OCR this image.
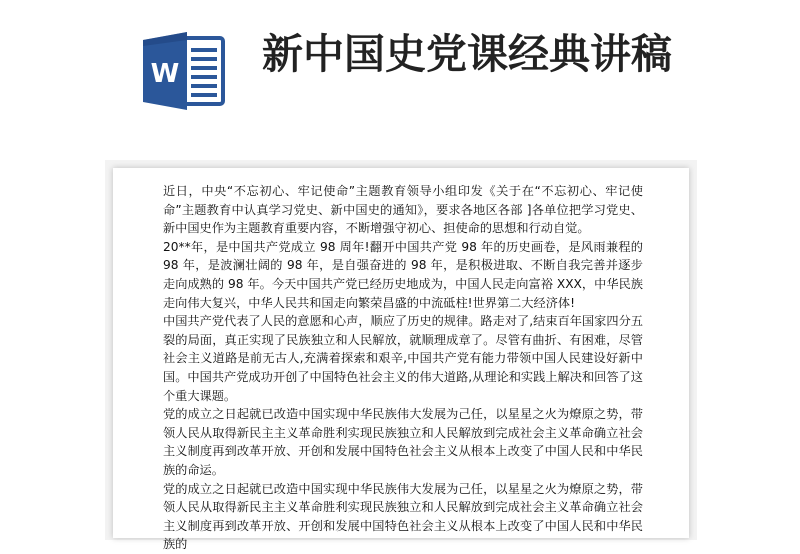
W 新中国史党课经典讲稿

近日，中央“不忘初心、牢记使命”主题教育领导小组印发《关于在“不忘初心、牢记使命”主题教育中认真学习党史、新中国史的通知》，要求各地区各部 ]各单位把学习党史、新中国史作为主题教育重要内容，不断增强守初心、担使命的思想和行动自觉。

20**年，是中国共产党成立 98 周年!翻开中国共产党 98 年的历史画卷，是风雨兼程的 98 年，是波澜壮阔的 98 年，是自强奋进的 98 年，是积极进取、不断自我完善并逐步走向成熟的 98 年。今天中国共产党已经历史地成为，中国人民走向富裕 XXX，中华民族走向伟大复兴，中华人民共和国走向繁荣昌盛的中流砥柱!世界第二大经济体!

中国共产党代表了人民的意愿和心声，顺应了历史的规律。路走对了,结束百年国家四分五裂的局面，真正实现了民族独立和人民解放，就顺理成章了。尽管有曲折、有困难，尽管社会主义道路是前无古人,充满着探索和艰辛,中国共产党有能力带领中国人民建设好新中国。中国共产党成功开创了中国特色社会主义的伟大道路,从理论和实践上解决和回答了这个重大课题。

党的成立之日起就已改造中国实现中华民族伟大发展为己任，以星星之火为燎原之势，带领人民从取得新民主主义革命胜利实现民族独立和人民解放到完成社会主义革命确立社会主义制度再到改革开放、开创和发展中国特色社会主义从根本上改变了中国人民和中华民族的命运。

党的成立之日起就已改造中国实现中华民族伟大发展为己任，以星星之火为燎原之势，带领人民从取得新民主主义革命胜利实现民族独立和人民解放到完成社会主义革命确立社会主义制度再到改革开放、开创和发展中国特色社会主义从根本上改变了中国人民和中华民族的
